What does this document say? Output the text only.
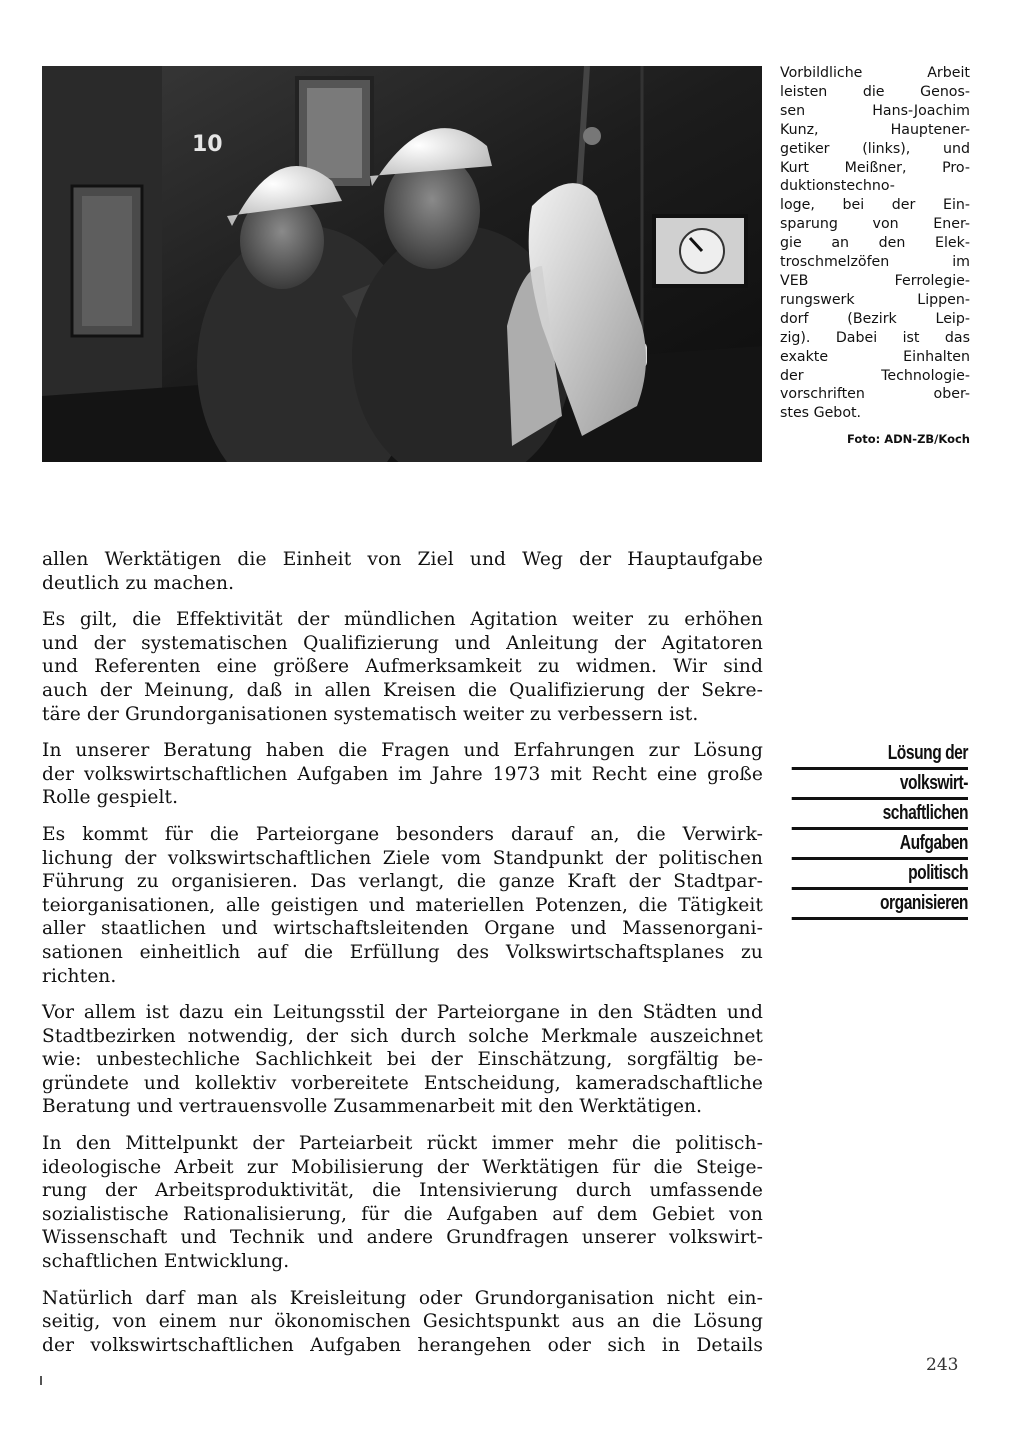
10
Vorbildliche Arbeit
leisten die Genos-
sen Hans-Joachim
Kunz, Hauptener-
getiker (links), und
Kurt Meißner, Pro-
duktionstechno-
loge, bei der Ein-
sparung von Ener-
gie an den Elek-
troschmelzöfen im
VEB Ferrolegie-
rungswerk Lippen-
dorf (Bezirk Leip-
zig). Dabei ist das
exakte Einhalten
der Technologie-
vorschriften ober-
stes Gebot.
Foto: ADN-ZB/Koch
Lösung der
volkswirt-
schaftlichen
Aufgaben
politisch
organisieren
allen Werktätigen die Einheit von Ziel und Weg der Hauptaufgabe
deutlich zu machen.
Es gilt, die Effektivität der mündlichen Agitation weiter zu erhöhen
und der systematischen Qualifizierung und Anleitung der Agitatoren
und Referenten eine größere Aufmerksamkeit zu widmen. Wir sind
auch der Meinung, daß in allen Kreisen die Qualifizierung der Sekre-
täre der Grundorganisationen systematisch weiter zu verbessern ist.
In unserer Beratung haben die Fragen und Erfahrungen zur Lösung
der volkswirtschaftlichen Aufgaben im Jahre 1973 mit Recht eine große
Rolle gespielt.
Es kommt für die Parteiorgane besonders darauf an, die Verwirk-
lichung der volkswirtschaftlichen Ziele vom Standpunkt der politischen
Führung zu organisieren. Das verlangt, die ganze Kraft der Stadtpar-
teiorganisationen, alle geistigen und materiellen Potenzen, die Tätigkeit
aller staatlichen und wirtschaftsleitenden Organe und Massenorgani-
sationen einheitlich auf die Erfüllung des Volkswirtschaftsplanes zu
richten.
Vor allem ist dazu ein Leitungsstil der Parteiorgane in den Städten und
Stadtbezirken notwendig, der sich durch solche Merkmale auszeichnet
wie: unbestechliche Sachlichkeit bei der Einschätzung, sorgfältig be-
gründete und kollektiv vorbereitete Entscheidung, kameradschaftliche
Beratung und vertrauensvolle Zusammenarbeit mit den Werktätigen.
In den Mittelpunkt der Parteiarbeit rückt immer mehr die politisch-
ideologische Arbeit zur Mobilisierung der Werktätigen für die Steige-
rung der Arbeitsproduktivität, die Intensivierung durch umfassende
sozialistische Rationalisierung, für die Aufgaben auf dem Gebiet von
Wissenschaft und Technik und andere Grundfragen unserer volkswirt-
schaftlichen Entwicklung.
Natürlich darf man als Kreisleitung oder Grundorganisation nicht ein-
seitig, von einem nur ökonomischen Gesichtspunkt aus an die Lösung
der volkswirtschaftlichen Aufgaben herangehen oder sich in Details
243
